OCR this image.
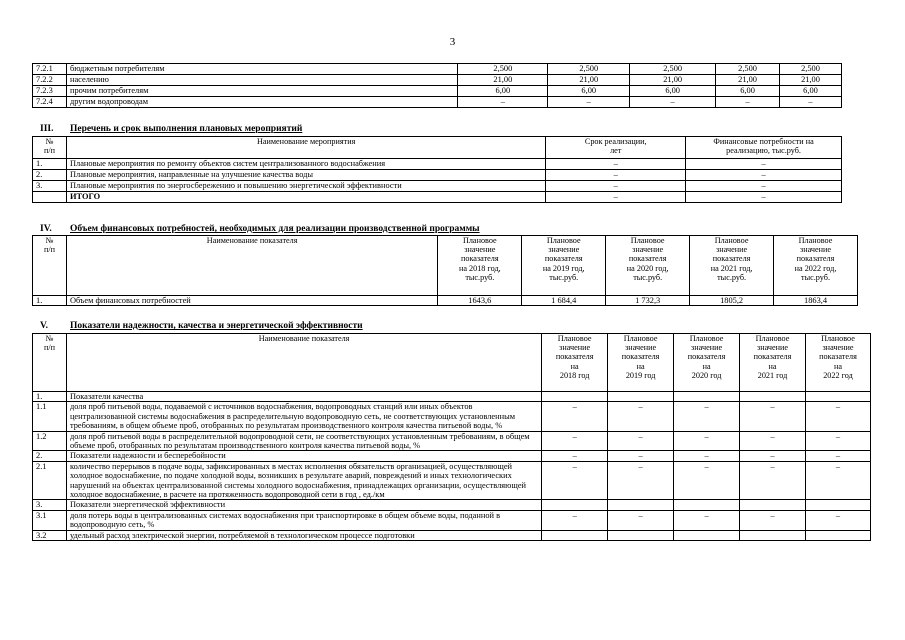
3
7.2.1	бюджетным потребителям	2,500	2,500	2,500	2,500	2,500
7.2.2	населению	21,00	21,00	21,00	21,00	21,00
7.2.3	прочим потребителям	6,00	6,00	6,00	6,00	6,00
7.2.4	другим водопроводам	–	–	–	–	–
III. Перечень и срок выполнения плановых мероприятий
№
п/п	Наименование мероприятия	Срок реализации,
лет	Финансовые потребности на
реализацию, тыс.руб.
1.	Плановые мероприятия по ремонту объектов систем централизованного водоснабжения	–	–
2.	Плановые мероприятия, направленные на улучшение качества воды	–	–
3.	Плановые мероприятия по энергосбережению и повышению энергетической эффективности	–	–
	ИТОГО	–	–
IV. Объем финансовых потребностей, необходимых для реализации производственной программы
№
п/п	Наименование показателя	Плановое
значение
показателя
на 2018 год,
тыс.руб.	Плановое
значение
показателя
на 2019 год,
тыс.руб.	Плановое
значение
показателя
на 2020 год,
тыс.руб.	Плановое
значение
показателя
на 2021 год,
тыс.руб.	Плановое
значение
показателя
на 2022 год,
тыс.руб.
1.	Объем финансовых потребностей	1643,6	1 684,4	1 732,3	1805,2	1863,4
V. Показатели надежности, качества и энергетической эффективности
№
п/п	Наименование показателя	Плановое
значение
показателя
на
2018 год	Плановое
значение
показателя
на
2019 год	Плановое
значение
показателя
на
2020 год	Плановое
значение
показателя
на
2021 год	Плановое
значение
показателя
на
2022 год
1.	Показатели качества					
1.1	доля проб питьевой воды, подаваемой с источников водоснабжения, водопроводных станций или иных объектов централизованной системы водоснабжения в распределительную водопроводную сеть, не соответствующих установленным требованиям, в общем объеме проб, отобранных по результатам производственного контроля качества питьевой воды, %	–	–	–	–	–
1.2	доля проб питьевой воды в распределительной водопроводной сети, не соответствующих установленным требованиям, в общем объеме проб, отобранных по результатам производственного контроля качества питьевой воды, %	–	–	–	–	–
2.	Показатели надежности и бесперебойности	–	–	–	–	–
2.1	количество перерывов в подаче воды, зафиксированных в местах исполнения обязательств организацией, осуществляющей холодное водоснабжение, по подаче холодной воды, возникших в результате аварий, повреждений и иных технологических нарушений на объектах централизованной системы холодного водоснабжения, принадлежащих организации, осуществляющей холодное водоснабжение, в расчете на протяженность водопроводной сети в год , ед./км	–	–	–	–	–
3.	Показатели энергетической эффективности					
3.1	доля потерь воды в централизованных системах водоснабжения при транспортировке в общем объеме воды, поданной в водопроводную сеть, %	–	–	–	–	–
3.2	удельный расход электрической энергии, потребляемой в технологическом процессе подготовки					
